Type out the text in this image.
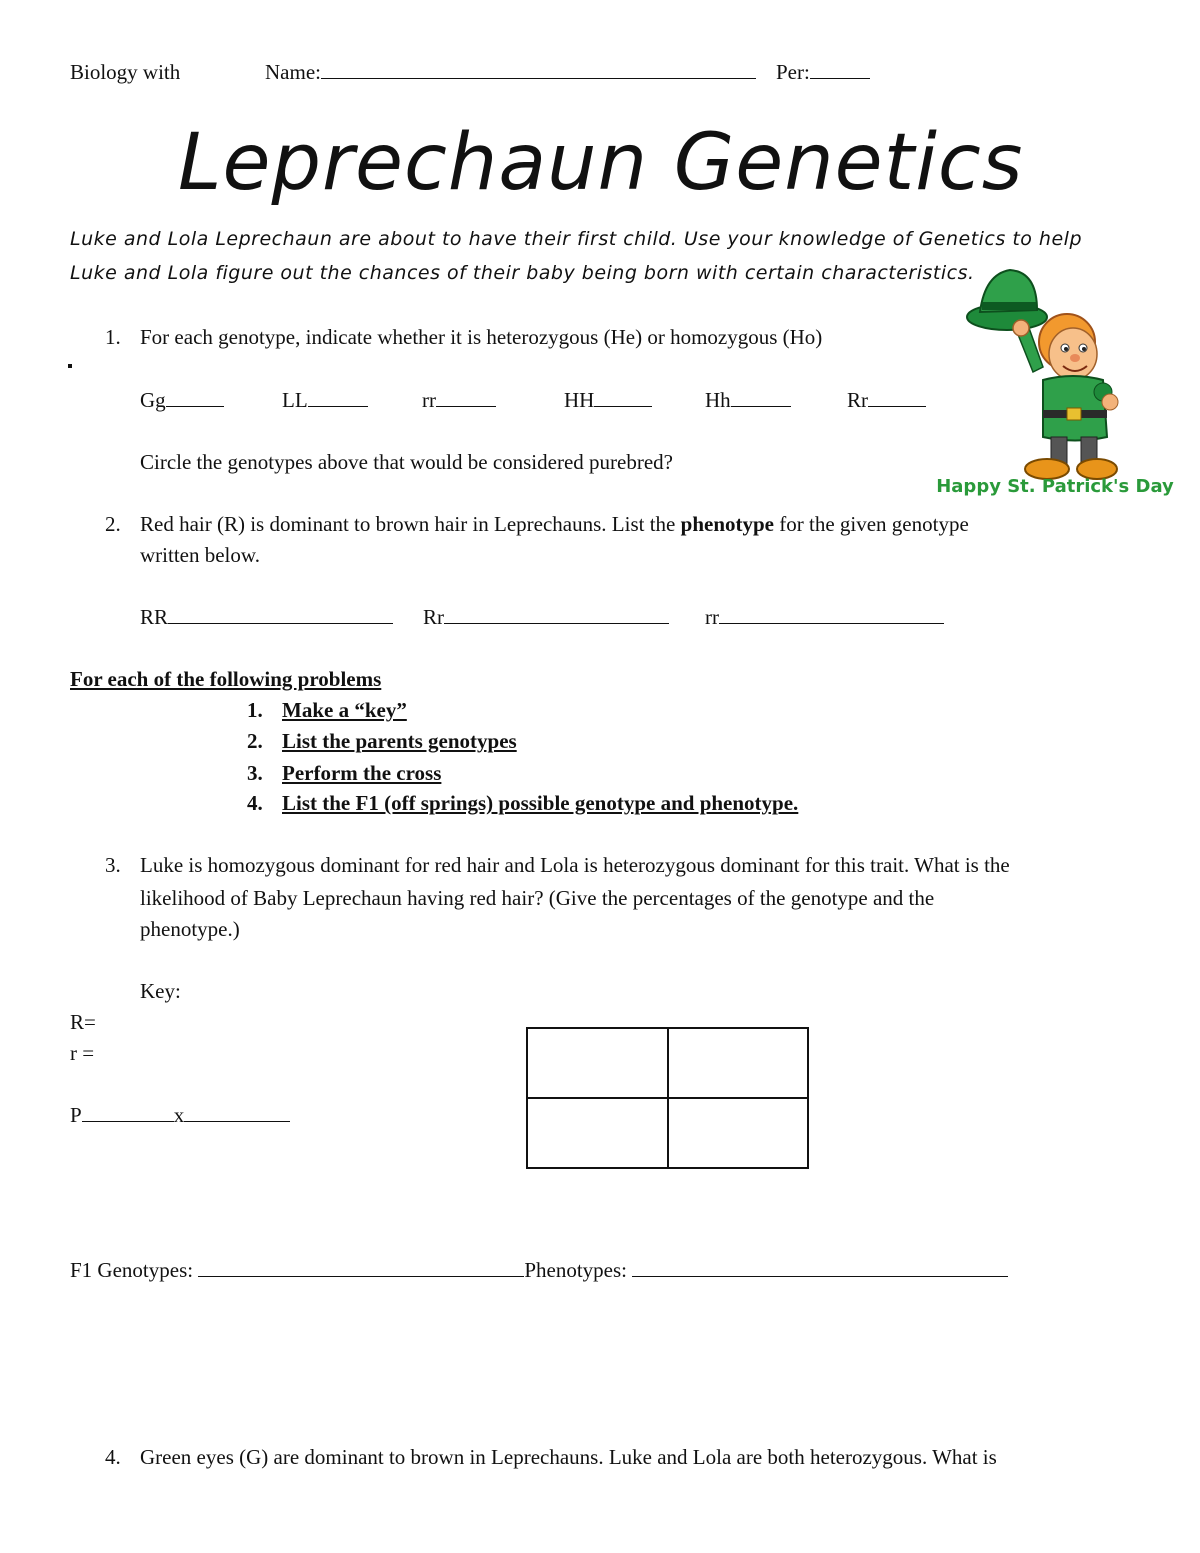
Biology with	Name:	Per:
Leprechaun Genetics
Luke and Lola Leprechaun are about to have their first child. Use your knowledge of Genetics to help
Luke and Lola figure out the chances of their baby being born with certain characteristics.
Happy St. Patrick's Day
1. For each genotype, indicate whether it is heterozygous (He) or homozygous (Ho)
Gg	LL	rr	HH	Hh	Rr
Circle the genotypes above that would be considered purebred?
2. Red hair (R) is dominant to brown hair in Leprechauns. List the phenotype for the given genotype
written below.
RR	Rr	rr
For each of the following problems
1. Make a “key”
2. List the parents genotypes
3. Perform the cross
4. List the F1 (off springs) possible genotype and phenotype.
3. Luke is homozygous dominant for red hair and Lola is heterozygous dominant for this trait. What is the
likelihood of Baby Leprechaun having red hair? (Give the percentages of the genotype and the
phenotype.)
Key:
R=
r =
P	x
F1 Genotypes:	Phenotypes:
4. Green eyes (G) are dominant to brown in Leprechauns. Luke and Lola are both heterozygous. What is
